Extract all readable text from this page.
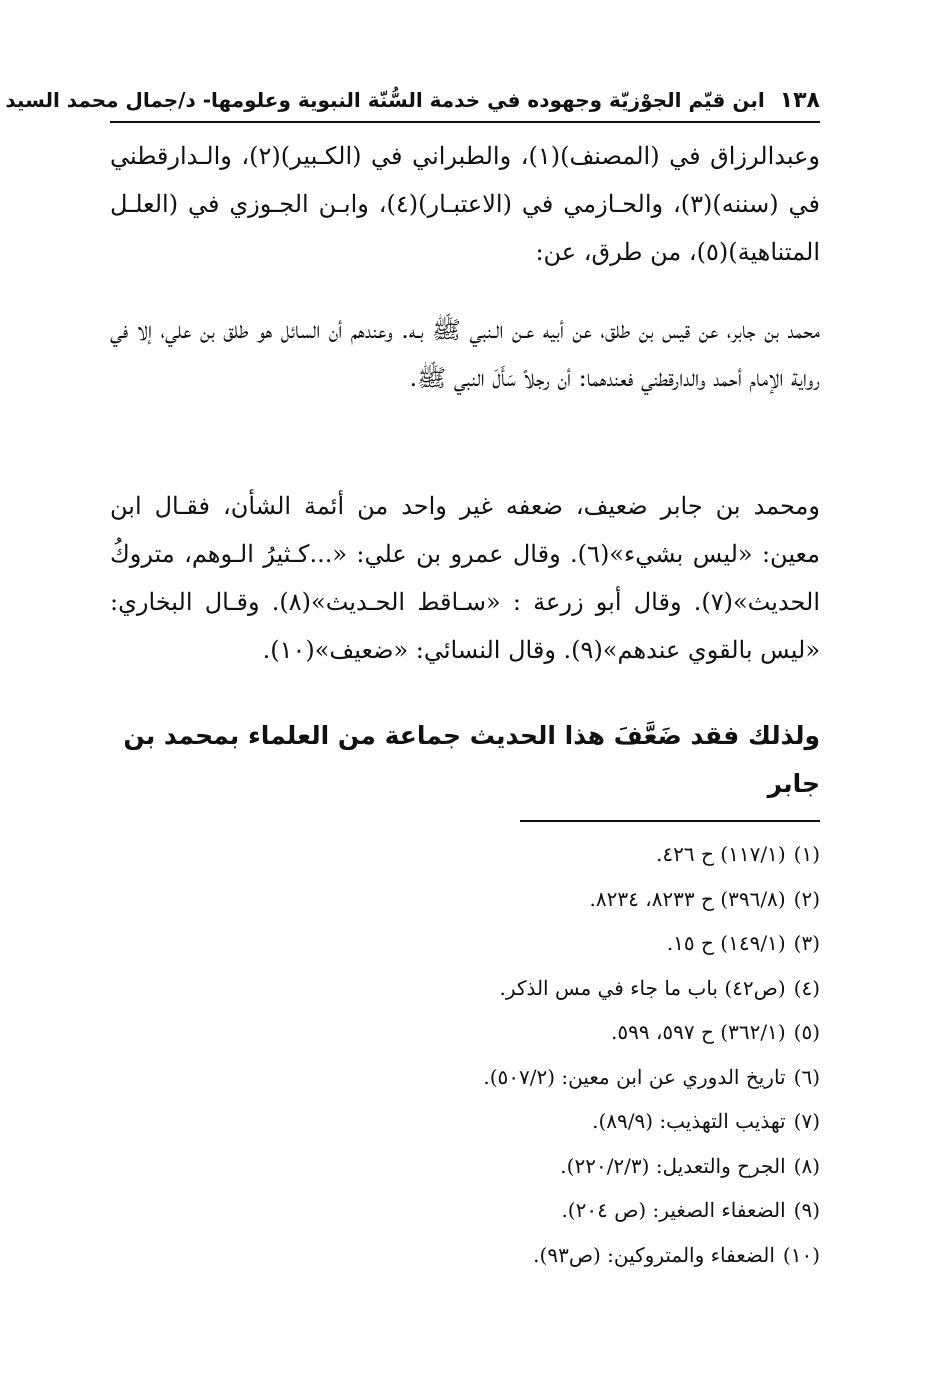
١٣٨ ابن قيّم الجوْزيّة وجهوده في خدمة السُّنّة النبوية وعلومها- د/جمال محمد السيد

وعبدالرزاق في (المصنف)(١)، والطبراني في (الكـبير)(٢)، والـدارقطني في (سننه)(٣)، والحـازمي في (الاعتبـار)(٤)، وابـن الجـوزي في (العلـل المتناهية)(٥)، من طرق، عن:

محمد بن جابر، عن قيس بن طلق، عن أبيه عـن الـنبي ﷺ بـه. وعندهم أن السائل هو طلق بن علي، إلا في رواية الإمام أحمد والدارقطني فعندهما: أن رجلاً سَأَلَ النبي ﷺ.

ومحمد بن جابر ضعيف، ضعفه غير واحد من أئمة الشأن، فقـال ابن معين: «ليس بشيء»(٦). وقال عمرو بن علي: «...كـثيرُ الـوهم، متروكُ الحديث»(٧). وقال أبو زرعة : «سـاقط الحـديث»(٨). وقـال البخاري: «ليس بالقوي عندهم»(٩). وقال النسائي: «ضعيف»(١٠).

ولذلك فقد ضَعَّفَ هذا الحديث جماعة من العلماء بمحمد بن جابر
(١)(١١٧/١) ح ٤٢٦.
(٢)(٣٩٦/٨) ح ٨٢٣٣، ٨٢٣٤.
(٣)(١٤٩/١) ح ١٥.
(٤)(ص٤٢) باب ما جاء في مس الذكر.
(٥)(٣٦٢/١) ح ٥٩٧، ٥٩٩.
(٦)تاريخ الدوري عن ابن معين: (٥٠٧/٢).
(٧)تهذيب التهذيب: (٨٩/٩).
(٨)الجرح والتعديل: (٢٢٠/٢/٣).
(٩)الضعفاء الصغير: (ص ٢٠٤).
(١٠)الضعفاء والمتروكين: (ص٩٣).
